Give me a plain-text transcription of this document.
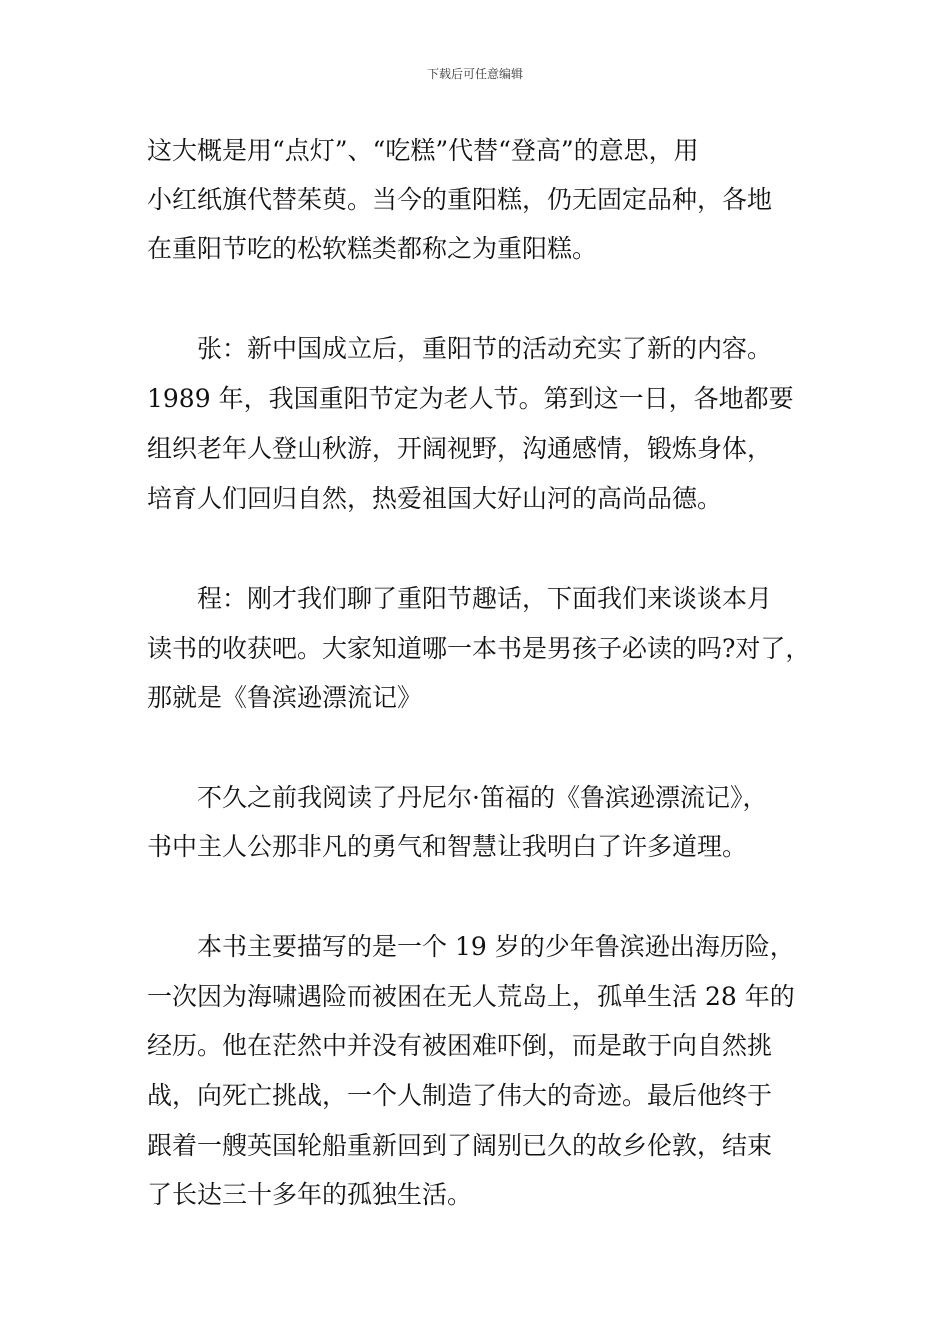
下载后可任意编辑
这大概是用“点灯”、“吃糕”代替“登高”的意思，用
小红纸旗代替茱萸。当今的重阳糕，仍无固定品种，各地
在重阳节吃的松软糕类都称之为重阳糕。
　　张：新中国成立后，重阳节的活动充实了新的内容。
1989 年，我国重阳节定为老人节。第到这一日，各地都要
组织老年人登山秋游，开阔视野，沟通感情，锻炼身体，
培育人们回归自然，热爱祖国大好山河的高尚品德。
　　程：刚才我们聊了重阳节趣话，下面我们来谈谈本月
读书的收获吧。大家知道哪一本书是男孩子必读的吗?对了，
那就是《鲁滨逊漂流记》
　　不久之前我阅读了丹尼尔·笛福的《鲁滨逊漂流记》，
书中主人公那非凡的勇气和智慧让我明白了许多道理。
　　本书主要描写的是一个 19 岁的少年鲁滨逊出海历险，
一次因为海啸遇险而被困在无人荒岛上，孤单生活 28 年的
经历。他在茫然中并没有被困难吓倒，而是敢于向自然挑
战，向死亡挑战，一个人制造了伟大的奇迹。最后他终于
跟着一艘英国轮船重新回到了阔别已久的故乡伦敦，结束
了长达三十多年的孤独生活。
